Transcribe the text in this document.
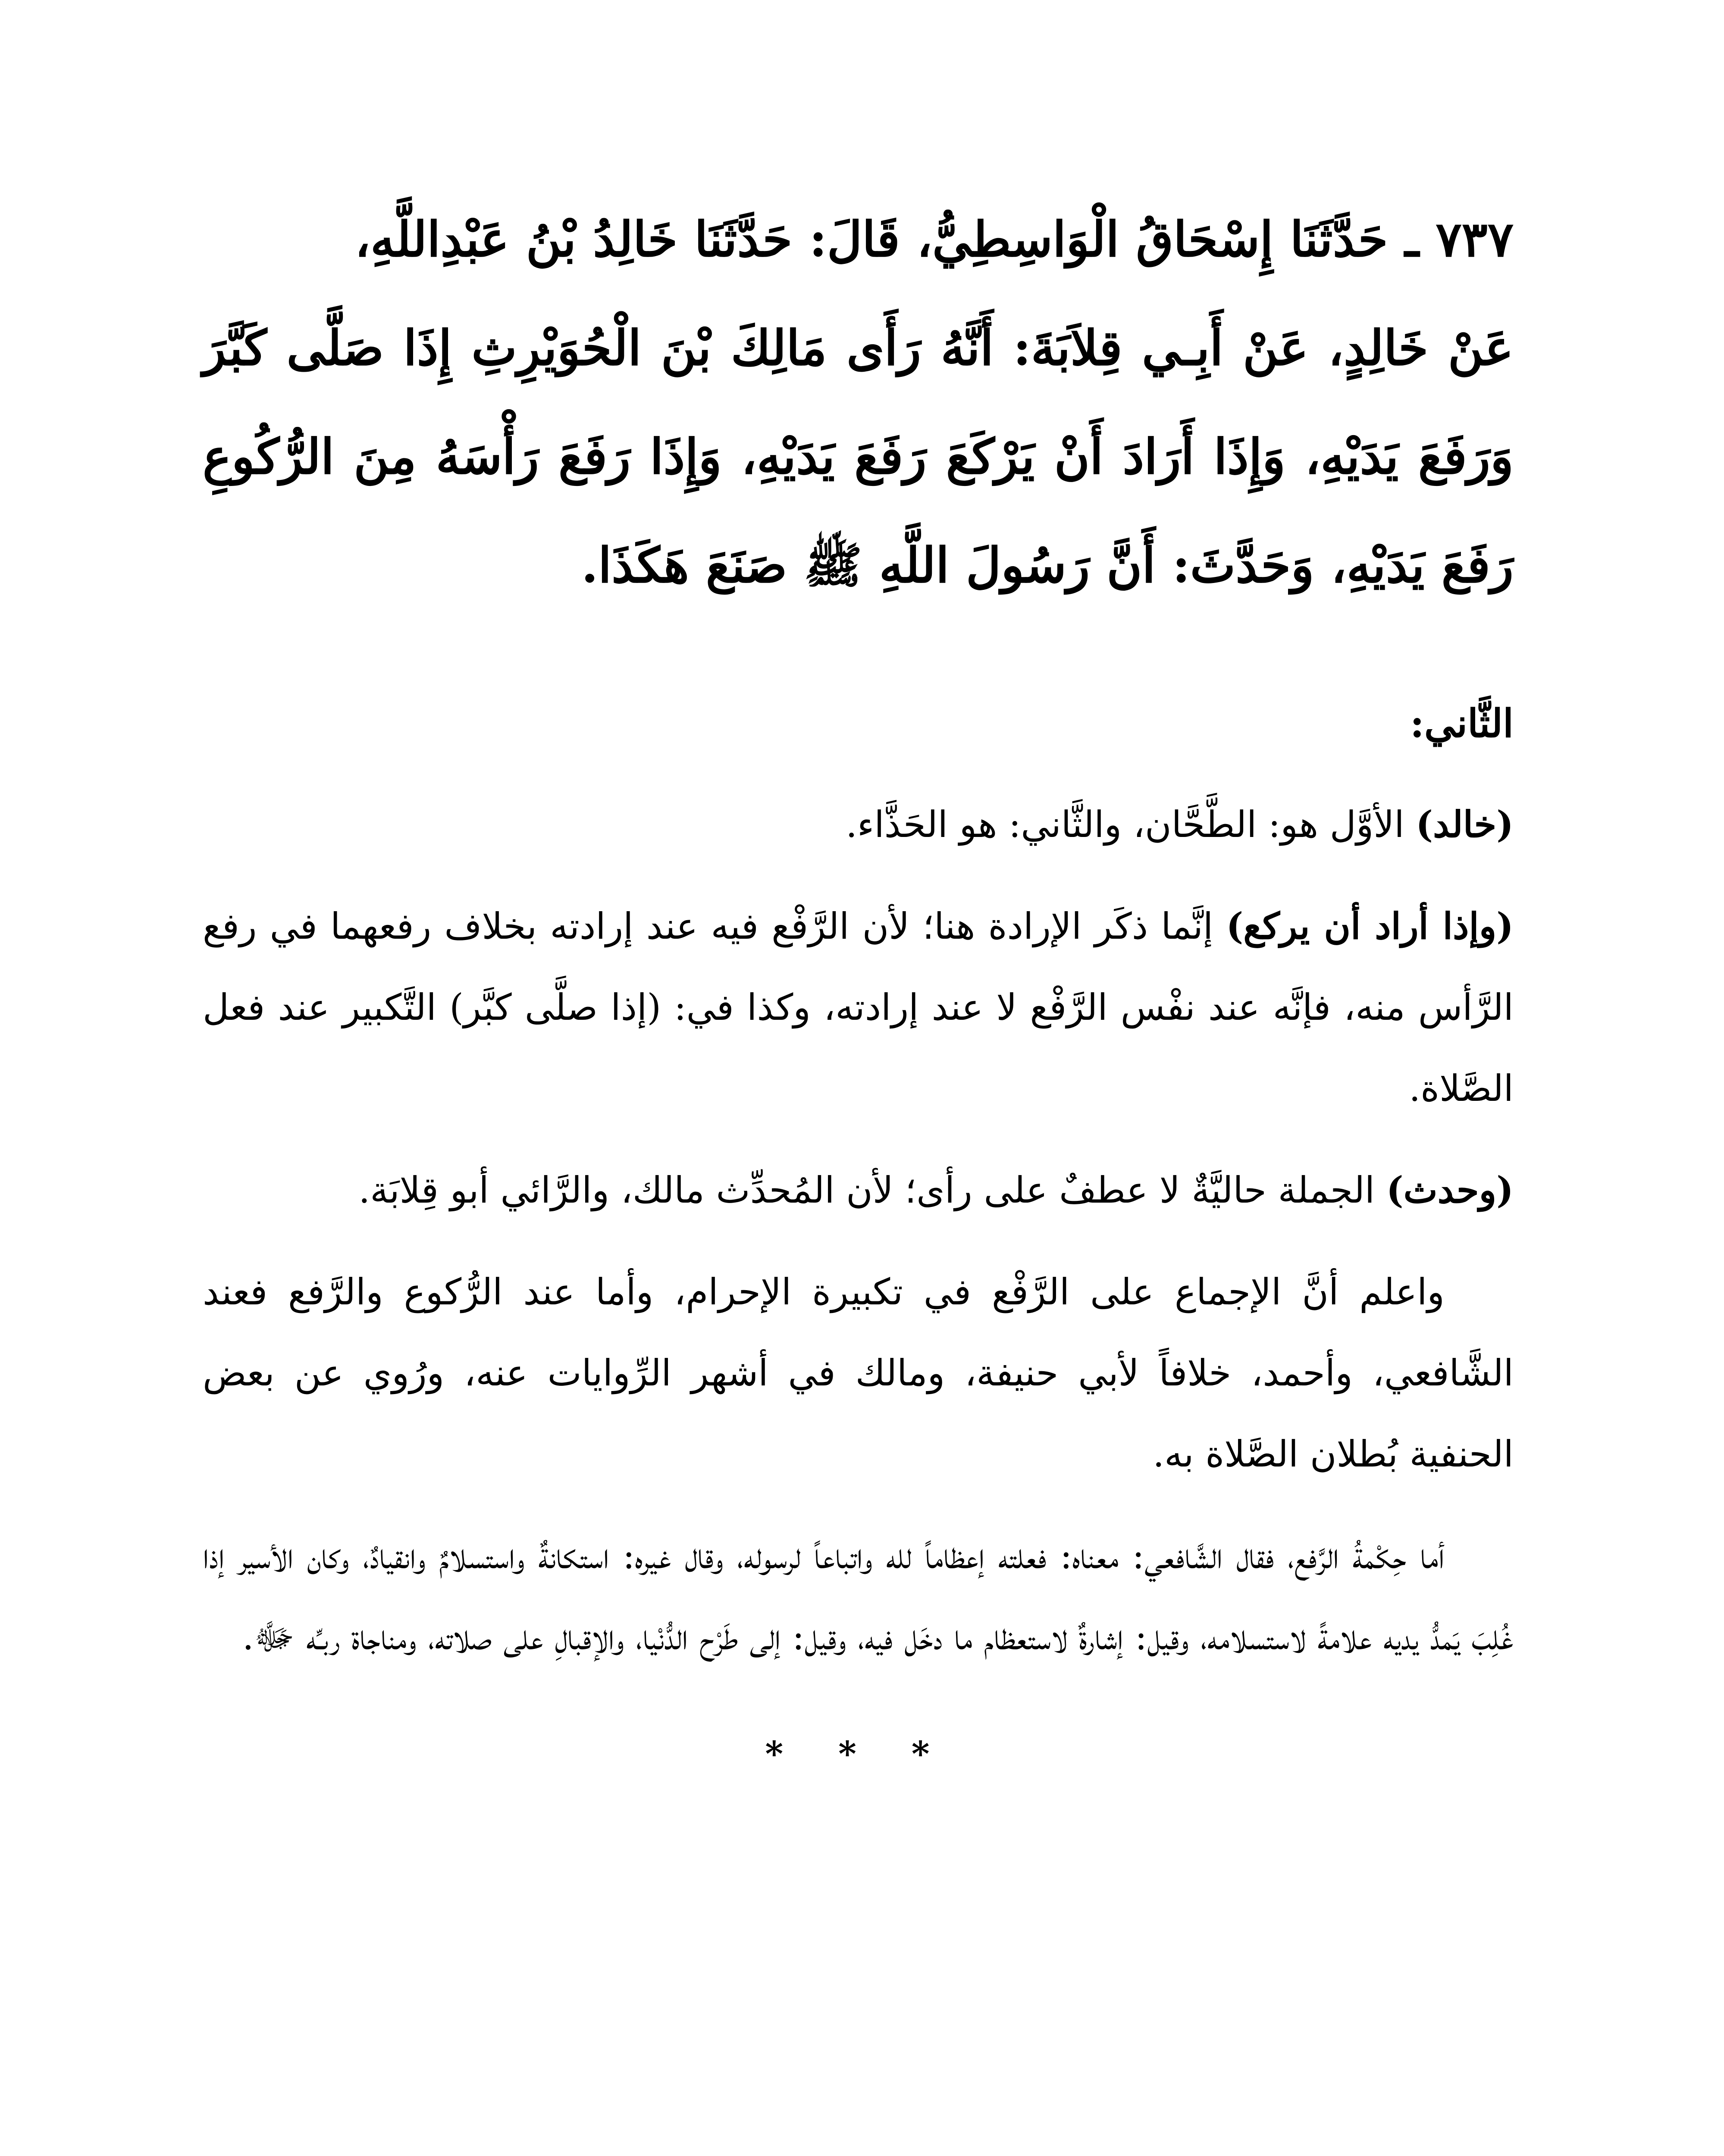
٧٣٧ ـ حَدَّثَنَا إِسْحَاقُ الْوَاسِطِيُّ، قَالَ: حَدَّثَنَا خَالِدُ بْنُ عَبْدِاللَّهِ،
عَنْ خَالِدٍ، عَنْ أَبِـي قِلاَبَةَ: أَنَّهُ رَأَى مَالِكَ بْنَ الْحُوَيْرِثِ إِذَا صَلَّى كَبَّرَ وَرَفَعَ يَدَيْهِ، وَإِذَا أَرَادَ أَنْ يَرْكَعَ رَفَعَ يَدَيْهِ، وَإِذَا رَفَعَ رَأْسَهُ مِنَ الرُّكُوعِ رَفَعَ يَدَيْهِ، وَحَدَّثَ: أَنَّ رَسُولَ اللَّهِ ﷺ صَنَعَ هَكَذَا.

الثَّاني:

(خالد) الأوَّل هو: الطَّحَّان، والثَّاني: هو الحَذَّاء.

(وإذا أراد أن يركع) إنَّما ذكَر الإرادة هنا؛ لأن الرَّفْع فيه عند إرادته بخلاف رفعهما في رفع الرَّأس منه، فإنَّه عند نفْس الرَّفْع لا عند إرادته، وكذا في: (إذا صلَّى كبَّر) التَّكبير عند فعل الصَّلاة.

(وحدث) الجملة حاليَّةٌ لا عطفٌ على رأى؛ لأن المُحدِّث مالك، والرَّائي أبو قِلابَة.

واعلم أنَّ الإجماع على الرَّفْع في تكبيرة الإحرام، وأما عند الرُّكوع والرَّفع فعند الشَّافعي، وأحمد، خلافاً لأبي حنيفة، ومالك في أشهر الرِّوايات عنه، ورُوي عن بعض الحنفية بُطلان الصَّلاة به.

أما حِكْمةُ الرَّفع، فقال الشَّافعي: معناه: فعلته إعظاماً لله واتباعاً لرسوله، وقال غيره: استكانةٌ واستسلامٌ وانقيادٌ، وكان الأسير إذا غُلِبَ يَمدُّ يديه علامةً لاستسلامه، وقيل: إشارةٌ لاستعظام ما دخَل فيه، وقيل: إلى طَرْح الدُّنْيا، والإقبالِ على صلاته، ومناجاة ربـِّه ﷻ.

* * *
